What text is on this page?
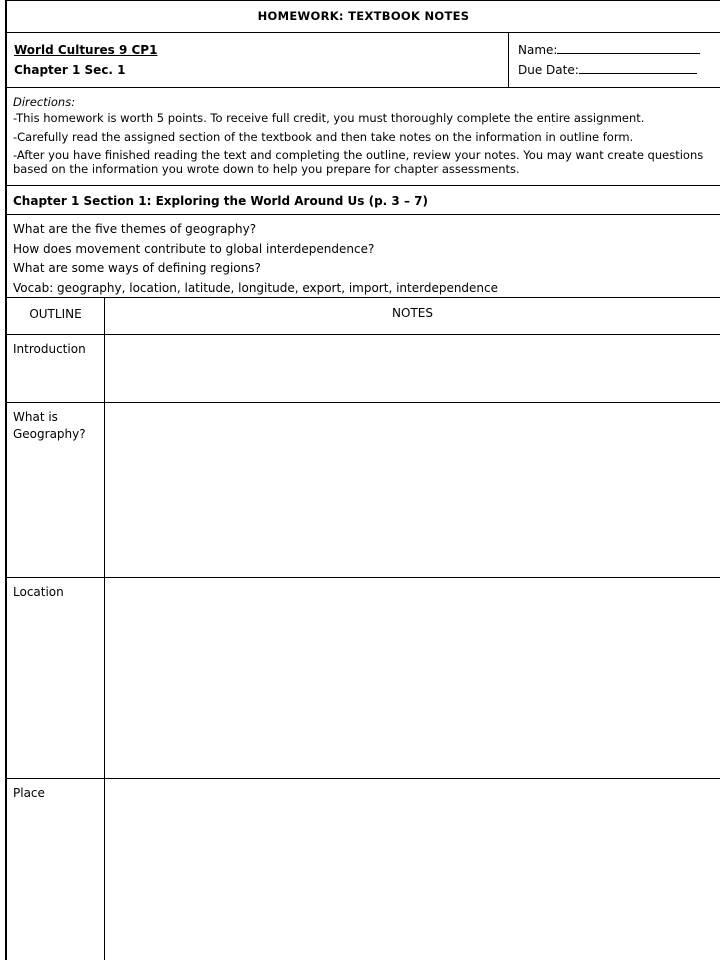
HOMEWORK: TEXTBOOK NOTES
World Cultures 9 CP1
Chapter 1 Sec. 1
Name:
Due Date:
Directions:

-This homework is worth 5 points. To receive full credit, you must thoroughly complete the entire assignment.

-Carefully read the assigned section of the textbook and then take notes on the information in outline form.

-After you have finished reading the text and completing the outline, review your notes. You may want create questions based on the information you wrote down to help you prepare for chapter assessments.

Chapter 1 Section 1: Exploring the World Around Us (p. 3 – 7)
What are the five themes of geography?
How does movement contribute to global interdependence?
What are some ways of defining regions?
Vocab: geography, location, latitude, longitude, export, import, interdependence
OUTLINE	NOTES
Introduction
What is Geography?
Location
Place
